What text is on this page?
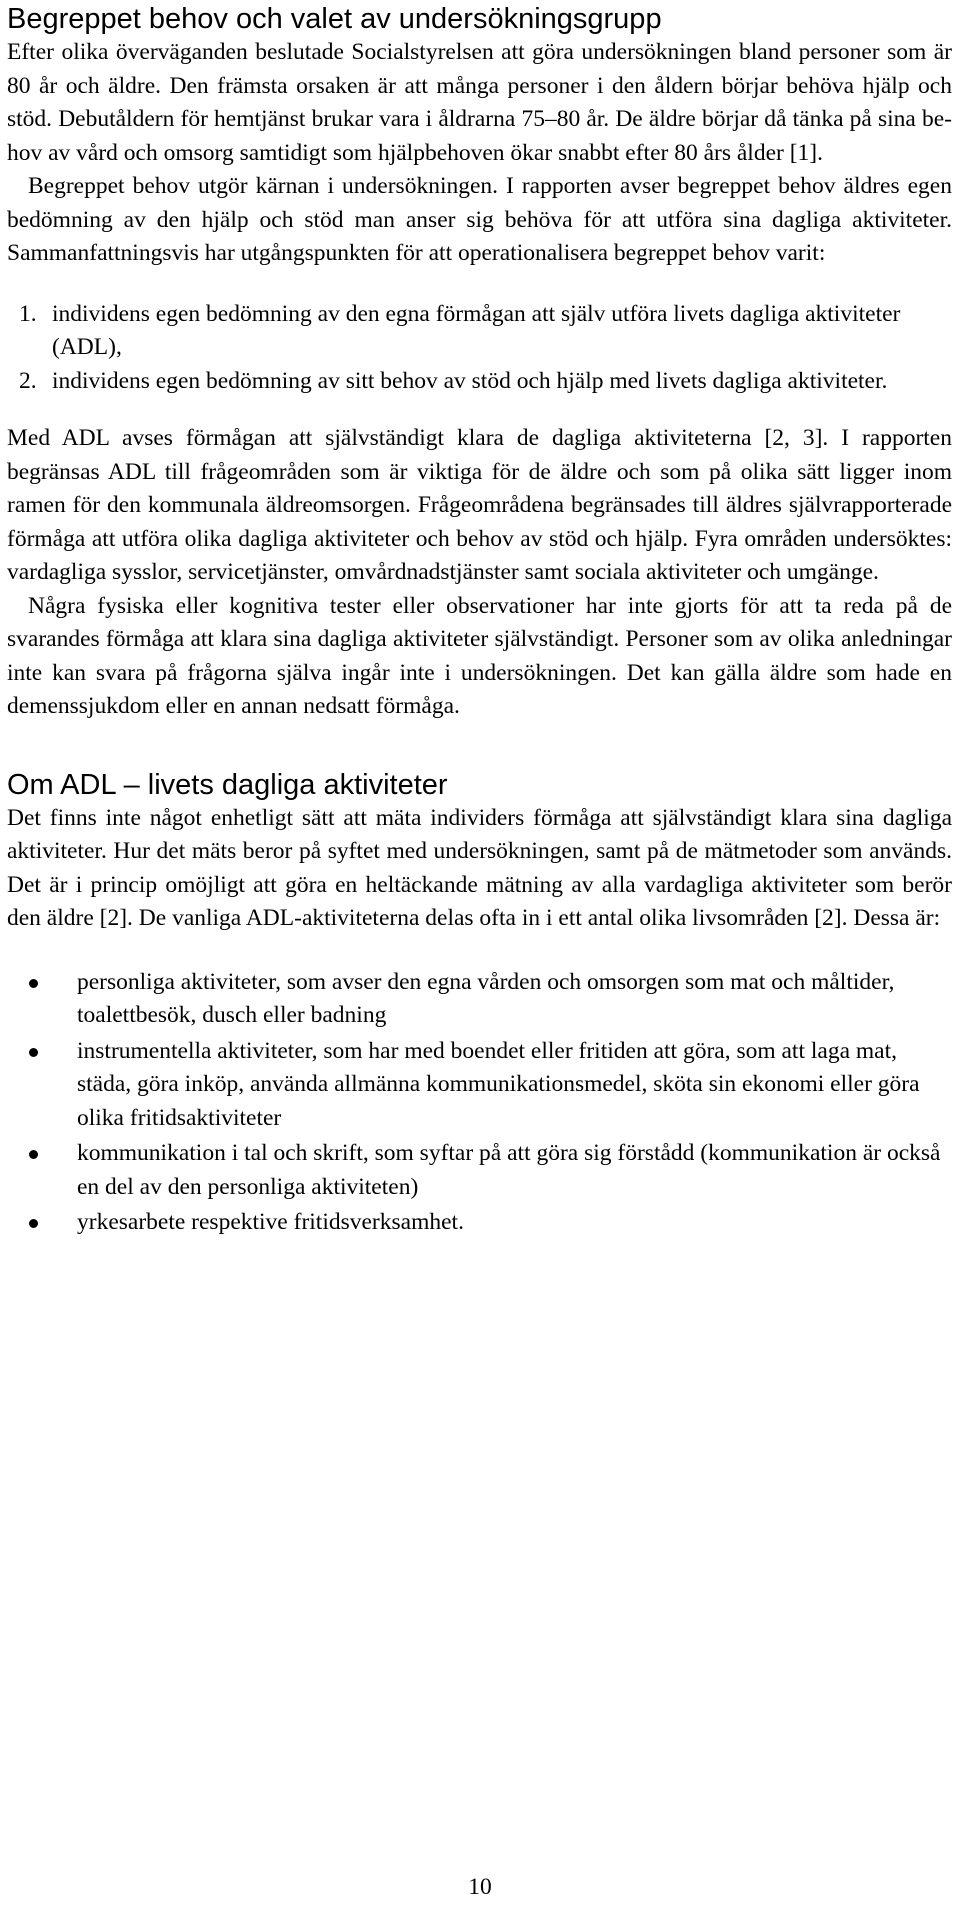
Begreppet behov och valet av undersökningsgrupp

Efter olika överväganden beslutade Socialstyrelsen att göra undersökningen bland personer som är 80 år och äldre. Den främsta orsaken är att många personer i den åldern börjar behöva hjälp och stöd. Debutåldern för hemtjänst brukar vara i åldrarna 75–80 år. De äldre börjar då tänka på sina behov av vård och omsorg samtidigt som hjälpbehoven ökar snabbt efter 80 års ålder [1].

Begreppet behov utgör kärnan i undersökningen. I rapporten avser begreppet behov äldres egen bedömning av den hjälp och stöd man anser sig behöva för att utföra sina dagliga aktiviteter. Sammanfattningsvis har utgångspunkten för att operationalisera begreppet behov varit:

1. individens egen bedömning av den egna förmågan att själv utföra livets dagliga aktiviteter (ADL),
2. individens egen bedömning av sitt behov av stöd och hjälp med livets dagliga aktiviteter.

Med ADL avses förmågan att självständigt klara de dagliga aktiviteterna [2, 3]. I rapporten begränsas ADL till frågeområden som är viktiga för de äldre och som på olika sätt ligger inom ramen för den kommunala äldreomsorgen. Frågeområdena begränsades till äldres självrapporterade förmåga att utföra olika dagliga aktiviteter och behov av stöd och hjälp. Fyra områden undersöktes: vardagliga sysslor, servicetjänster, omvårdnadstjänster samt sociala aktiviteter och umgänge.

Några fysiska eller kognitiva tester eller observationer har inte gjorts för att ta reda på de svarandes förmåga att klara sina dagliga aktiviteter självständigt. Personer som av olika anledningar inte kan svara på frågorna själva ingår inte i undersökningen. Det kan gälla äldre som hade en demenssjukdom eller en annan nedsatt förmåga.

Om ADL – livets dagliga aktiviteter

Det finns inte något enhetligt sätt att mäta individers förmåga att självständigt klara sina dagliga aktiviteter. Hur det mäts beror på syftet med undersökningen, samt på de mätmetoder som används. Det är i princip omöjligt att göra en heltäckande mätning av alla vardagliga aktiviteter som berör den äldre [2]. De vanliga ADL-aktiviteterna delas ofta in i ett antal olika livsområden [2]. Dessa är:

personliga aktiviteter, som avser den egna vården och omsorgen som mat och måltider, toalettbesök, dusch eller badning
instrumentella aktiviteter, som har med boendet eller fritiden att göra, som att laga mat, städa, göra inköp, använda allmänna kommunikationsmedel, sköta sin ekonomi eller göra olika fritidsaktiviteter
kommunikation i tal och skrift, som syftar på att göra sig förstådd (kommunikation är också en del av den personliga aktiviteten)
yrkesarbete respektive fritidsverksamhet.
10
